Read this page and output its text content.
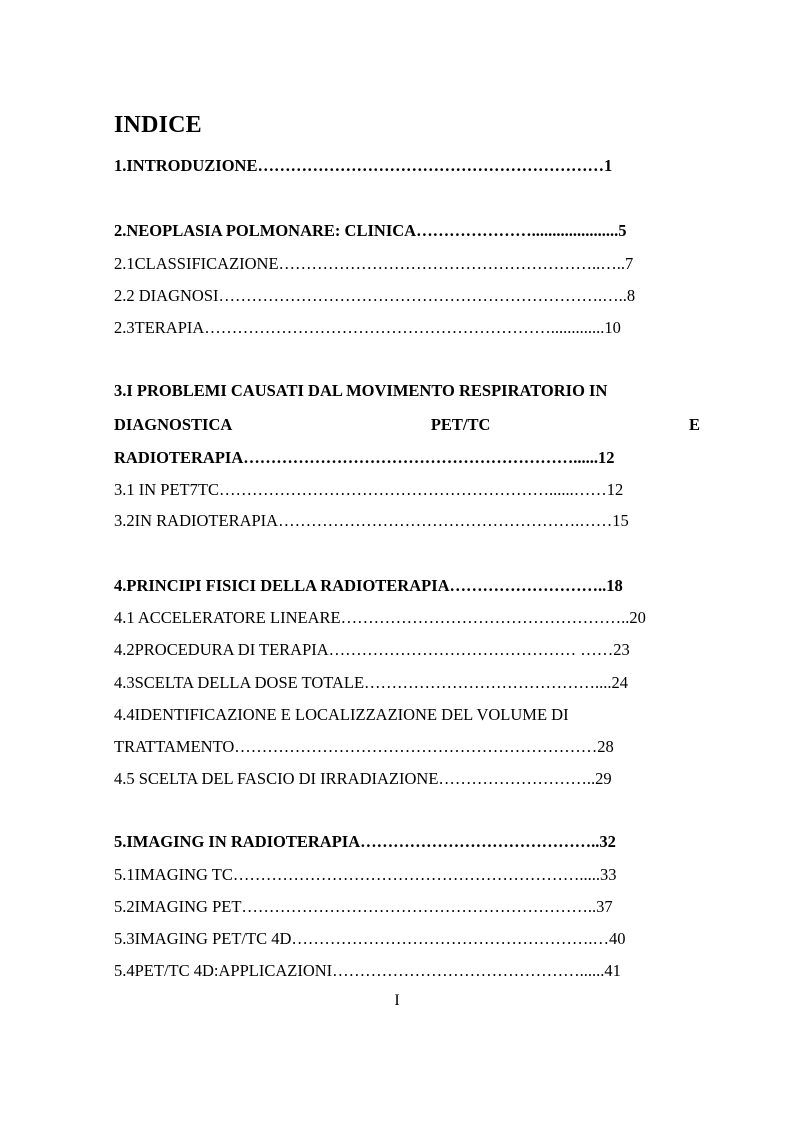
INDICE
1.INTRODUZIONE………………………………………………………1
2.NEOPLASIA POLMONARE: CLINICA………………….....................5
2.1CLASSIFICAZIONE…………………………………………………..…..7
2.2 DIAGNOSI…………………………………………………………….…..8
2.3TERAPIA……………………………………………………….............10
3.I PROBLEMI CAUSATI DAL MOVIMENTO RESPIRATORIO IN
DIAGNOSTICA	PET/TC	E
RADIOTERAPIA……………………………………………………......12
3.1 IN PET7TC……………………………………………………......……12
3.2IN RADIOTERAPIA……………………………………………….……15
4.PRINCIPI FISICI DELLA RADIOTERAPIA………………………..18
4.1 ACCELERATORE LINEARE……………………………………………..20
4.2PROCEDURA DI TERAPIA……………………………………… ……23
4.3SCELTA DELLA DOSE TOTALE……………………………………....24
4.4IDENTIFICAZIONE E LOCALIZZAZIONE DEL VOLUME DI
TRATTAMENTO…………………………………………………………28
4.5 SCELTA DEL FASCIO DI IRRADIAZIONE………………………..29
5.IMAGING IN RADIOTERAPIA……………………………………..32
5.1IMAGING TC……………………………………………………….....33
5.2IMAGING PET………………………………………………………..37
5.3IMAGING PET/TC 4D……………………………………………….…40
5.4PET/TC 4D:APPLICAZIONI………………………………………......41
I
